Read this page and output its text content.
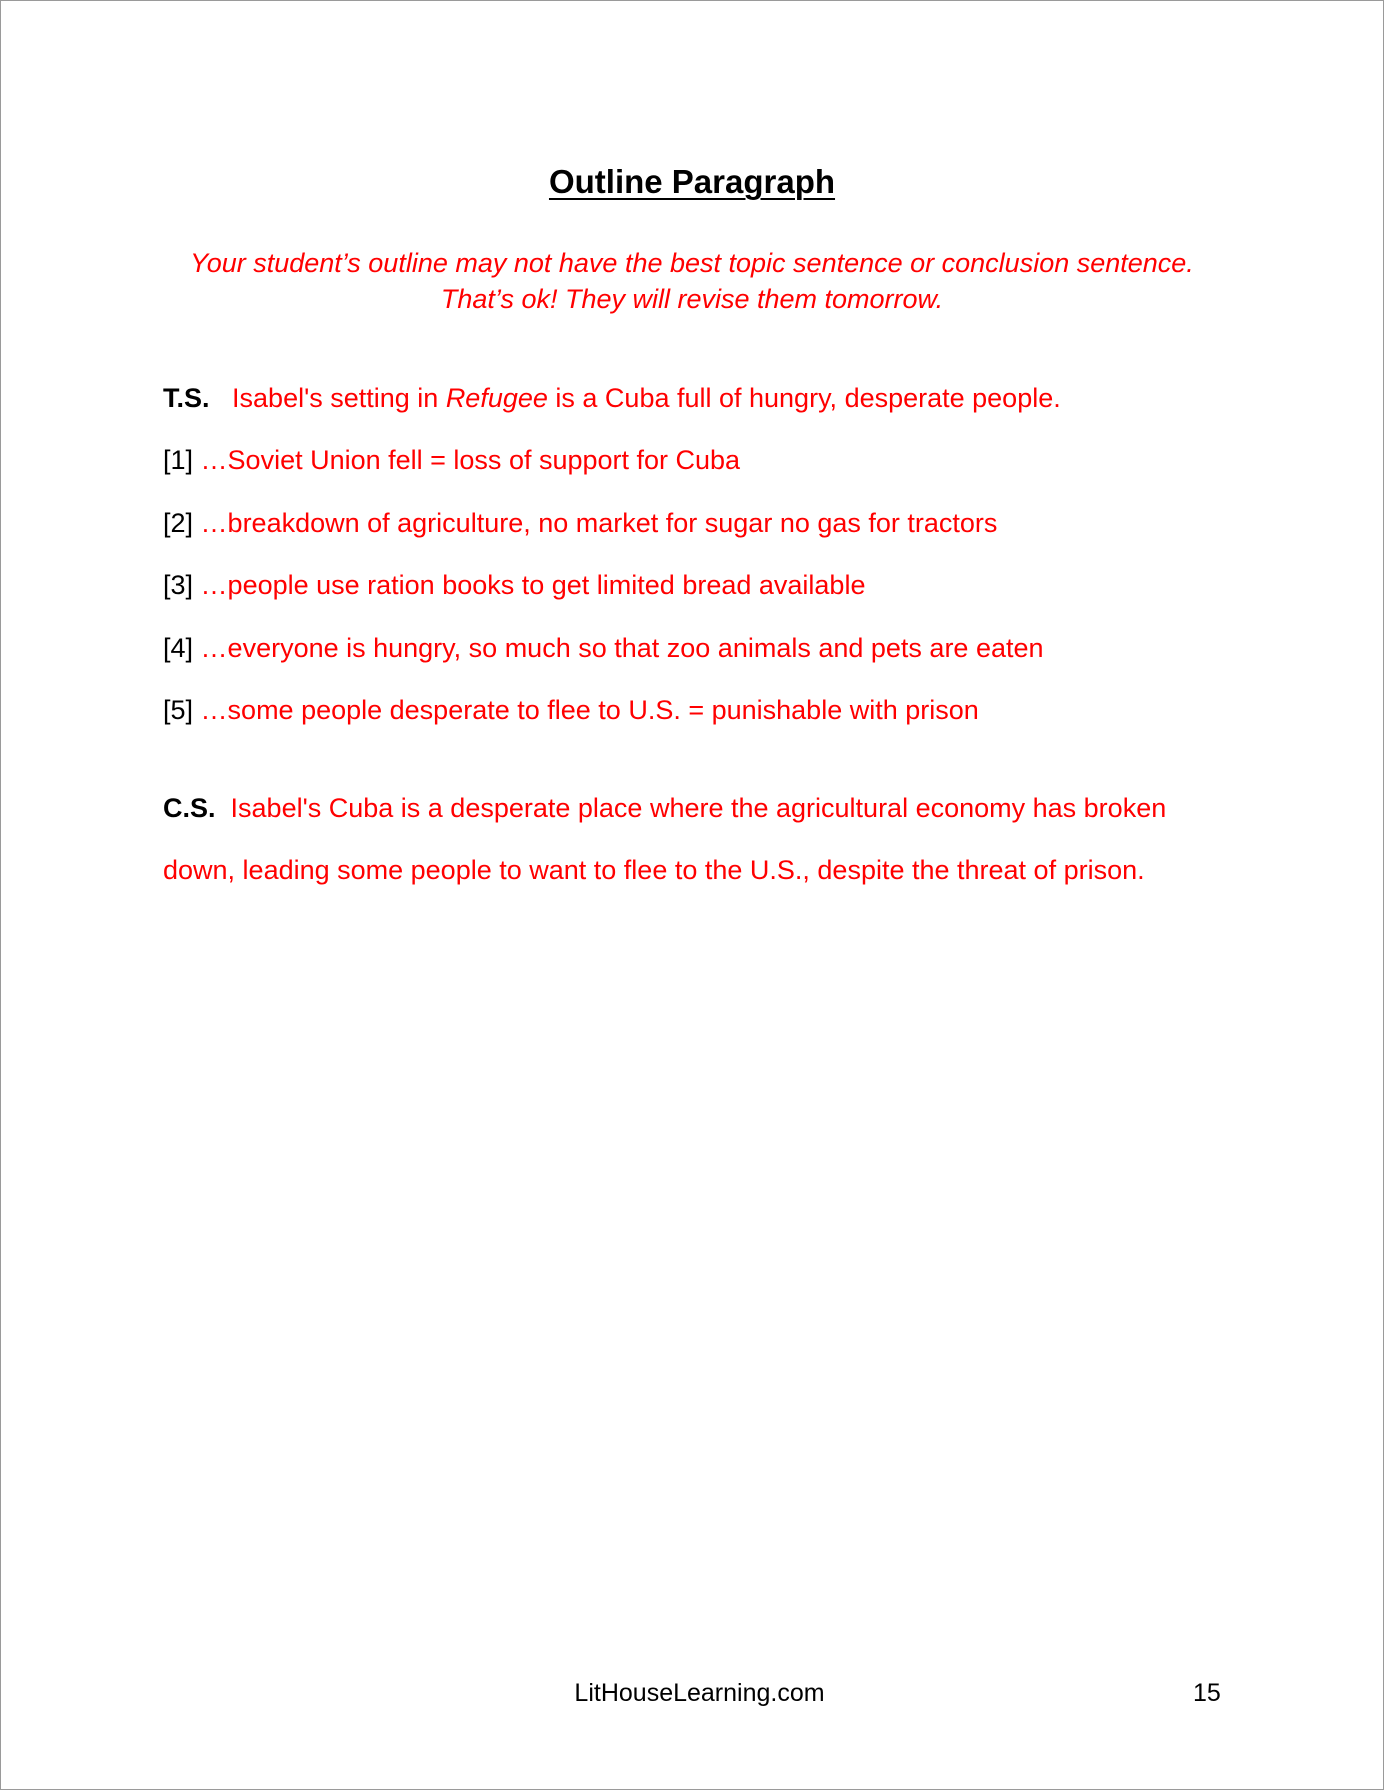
Outline Paragraph
Your student’s outline may not have the best topic sentence or conclusion sentence.
That’s ok! They will revise them tomorrow.
T.S. Isabel's setting in Refugee is a Cuba full of hungry, desperate people.
[1] …Soviet Union fell = loss of support for Cuba
[2] …breakdown of agriculture, no market for sugar no gas for tractors
[3] …people use ration books to get limited bread available
[4] …everyone is hungry, so much so that zoo animals and pets are eaten
[5] …some people desperate to flee to U.S. = punishable with prison
C.S. Isabel's Cuba is a desperate place where the agricultural economy has broken
down, leading some people to want to flee to the U.S., despite the threat of prison.
LitHouseLearning.com	15
